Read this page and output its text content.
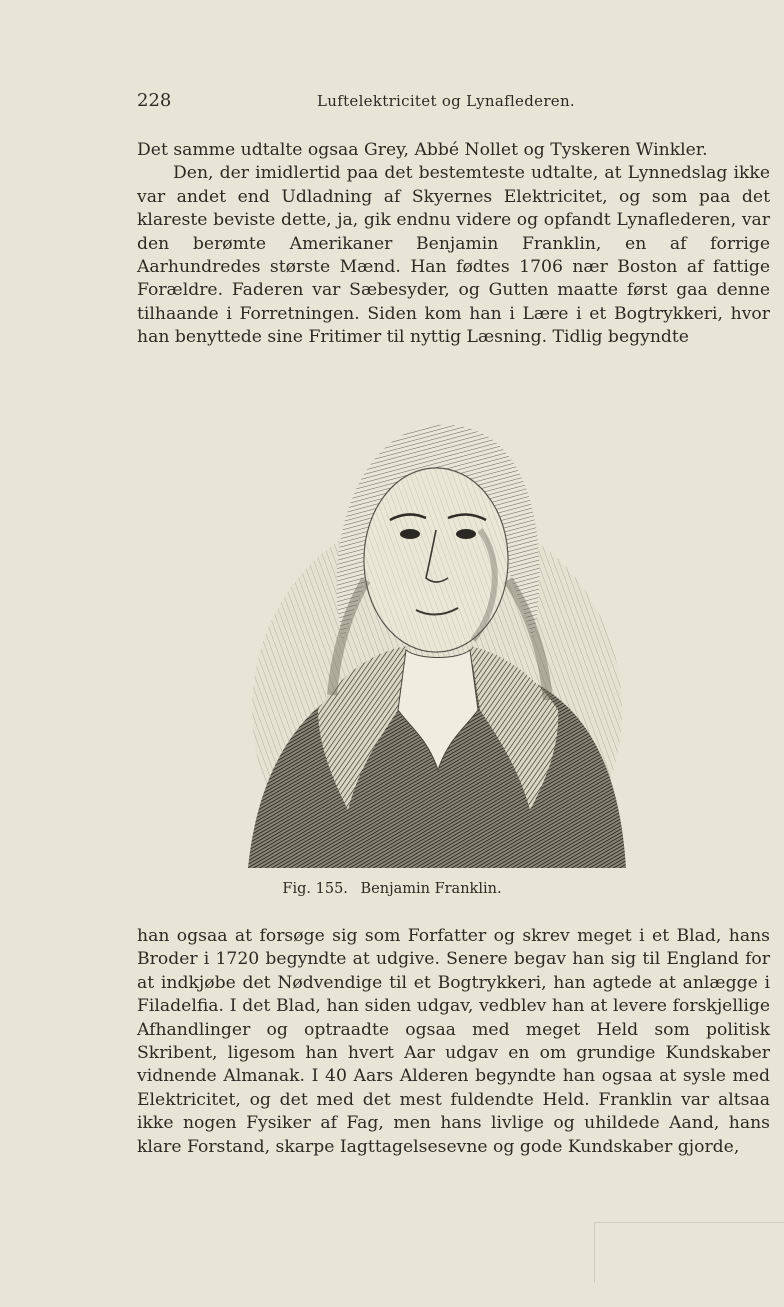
228	Luftelektricitet og Lynaflederen.

Det samme udtalte ogsaa Grey, Abbé Nollet og Tyskeren Winkler.

Den, der imidlertid paa det bestemteste udtalte, at Lynnedslag ikke var andet end Udladning af Skyernes Elektricitet, og som paa det klareste beviste dette, ja, gik endnu videre og opfandt Lynaflederen, var den berømte Amerikaner Benjamin Franklin, en af forrige Aarhundredes største Mænd. Han fødtes 1706 nær Boston af fattige Forældre. Faderen var Sæbesyder, og Gutten maatte først gaa denne tilhaande i Forretningen. Siden kom han i Lære i et Bogtrykkeri, hvor han benyttede sine Fritimer til nyttig Læsning. Tidlig begyndte

Fig. 155. Benjamin Franklin.

han ogsaa at forsøge sig som Forfatter og skrev meget i et Blad, hans Broder i 1720 begyndte at udgive. Senere begav han sig til England for at indkjøbe det Nødvendige til et Bogtrykkeri, han agtede at anlægge i Filadelfia. I det Blad, han siden udgav, vedblev han at levere forskjellige Afhandlinger og optraadte ogsaa med meget Held som politisk Skribent, ligesom han hvert Aar udgav en om grundige Kundskaber vidnende Almanak. I 40 Aars Alderen begyndte han ogsaa at sysle med Elektricitet, og det med det mest fuldendte Held. Franklin var altsaa ikke nogen Fysiker af Fag, men hans livlige og uhildede Aand, hans klare Forstand, skarpe Iagttagelsesevne og gode Kundskaber gjorde,
